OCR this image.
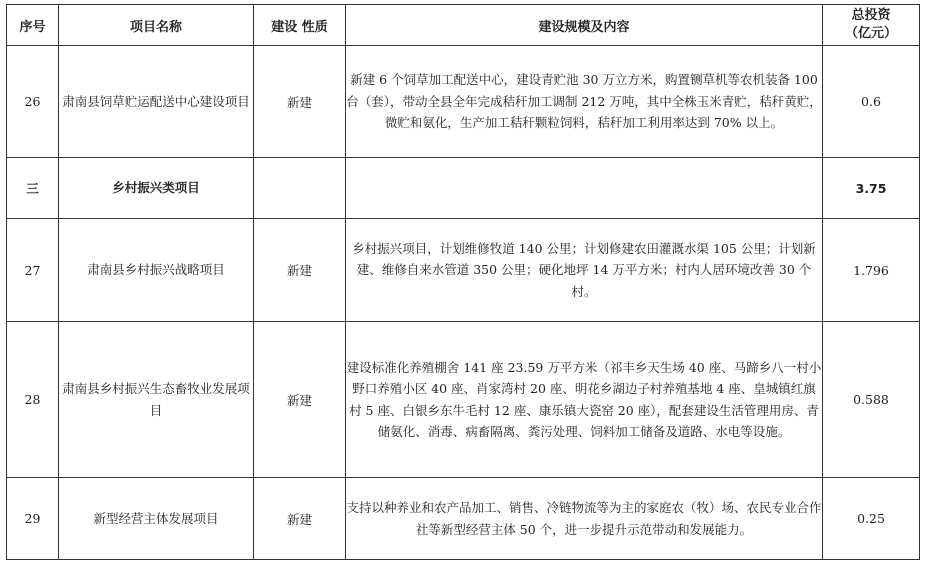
序号	项目名称	建设 性质	建设规模及内容	总投资
（亿元）

26	肃南县饲草贮运配送中心建设项目	新建	新建 6 个饲草加工配送中心，建设青贮池 30 万立方米，购置铡草机等农机装备 100 台（套），带动全县全年完成秸秆加工调制 212 万吨，其中全株玉米青贮，秸秆黄贮，微贮和氨化，生产加工秸秆颗粒饲料，秸秆加工利用率达到 70% 以上。	0.6
三	乡村振兴类项目			3.75
27	肃南县乡村振兴战略项目	新建	乡村振兴项目，计划维修牧道 140 公里；计划修建农田灌溉水渠 105 公里；计划新建、维修自来水管道 350 公里；硬化地坪 14 万平方米；村内人居环境改善 30 个村。	1.796
28	肃南县乡村振兴生态畜牧业发展项目	新建	建设标准化养殖棚舍 141 座 23.59 万平方米（祁丰乡天生场 40 座、马蹄乡八一村小野口养殖小区 40 座、肖家湾村 20 座、明花乡湖边子村养殖基地 4 座、皇城镇红旗村 5 座、白银乡东牛毛村 12 座、康乐镇大瓷窑 20 座），配套建设生活管理用房、青储氨化、消毒、病畜隔离、粪污处理、饲料加工储备及道路、水电等设施。	0.588
29	新型经营主体发展项目	新建	支持以种养业和农产品加工、销售、冷链物流等为主的家庭农（牧）场、农民专业合作社等新型经营主体 50 个，进一步提升示范带动和发展能力。	0.25
